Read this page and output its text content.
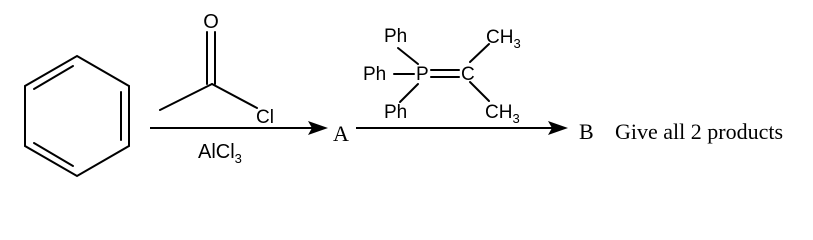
O
Cl
AlCl$_3$
A
Ph
Ph
Ph
P C
$CH_3$
$CH_3$
B Give all 2 products
